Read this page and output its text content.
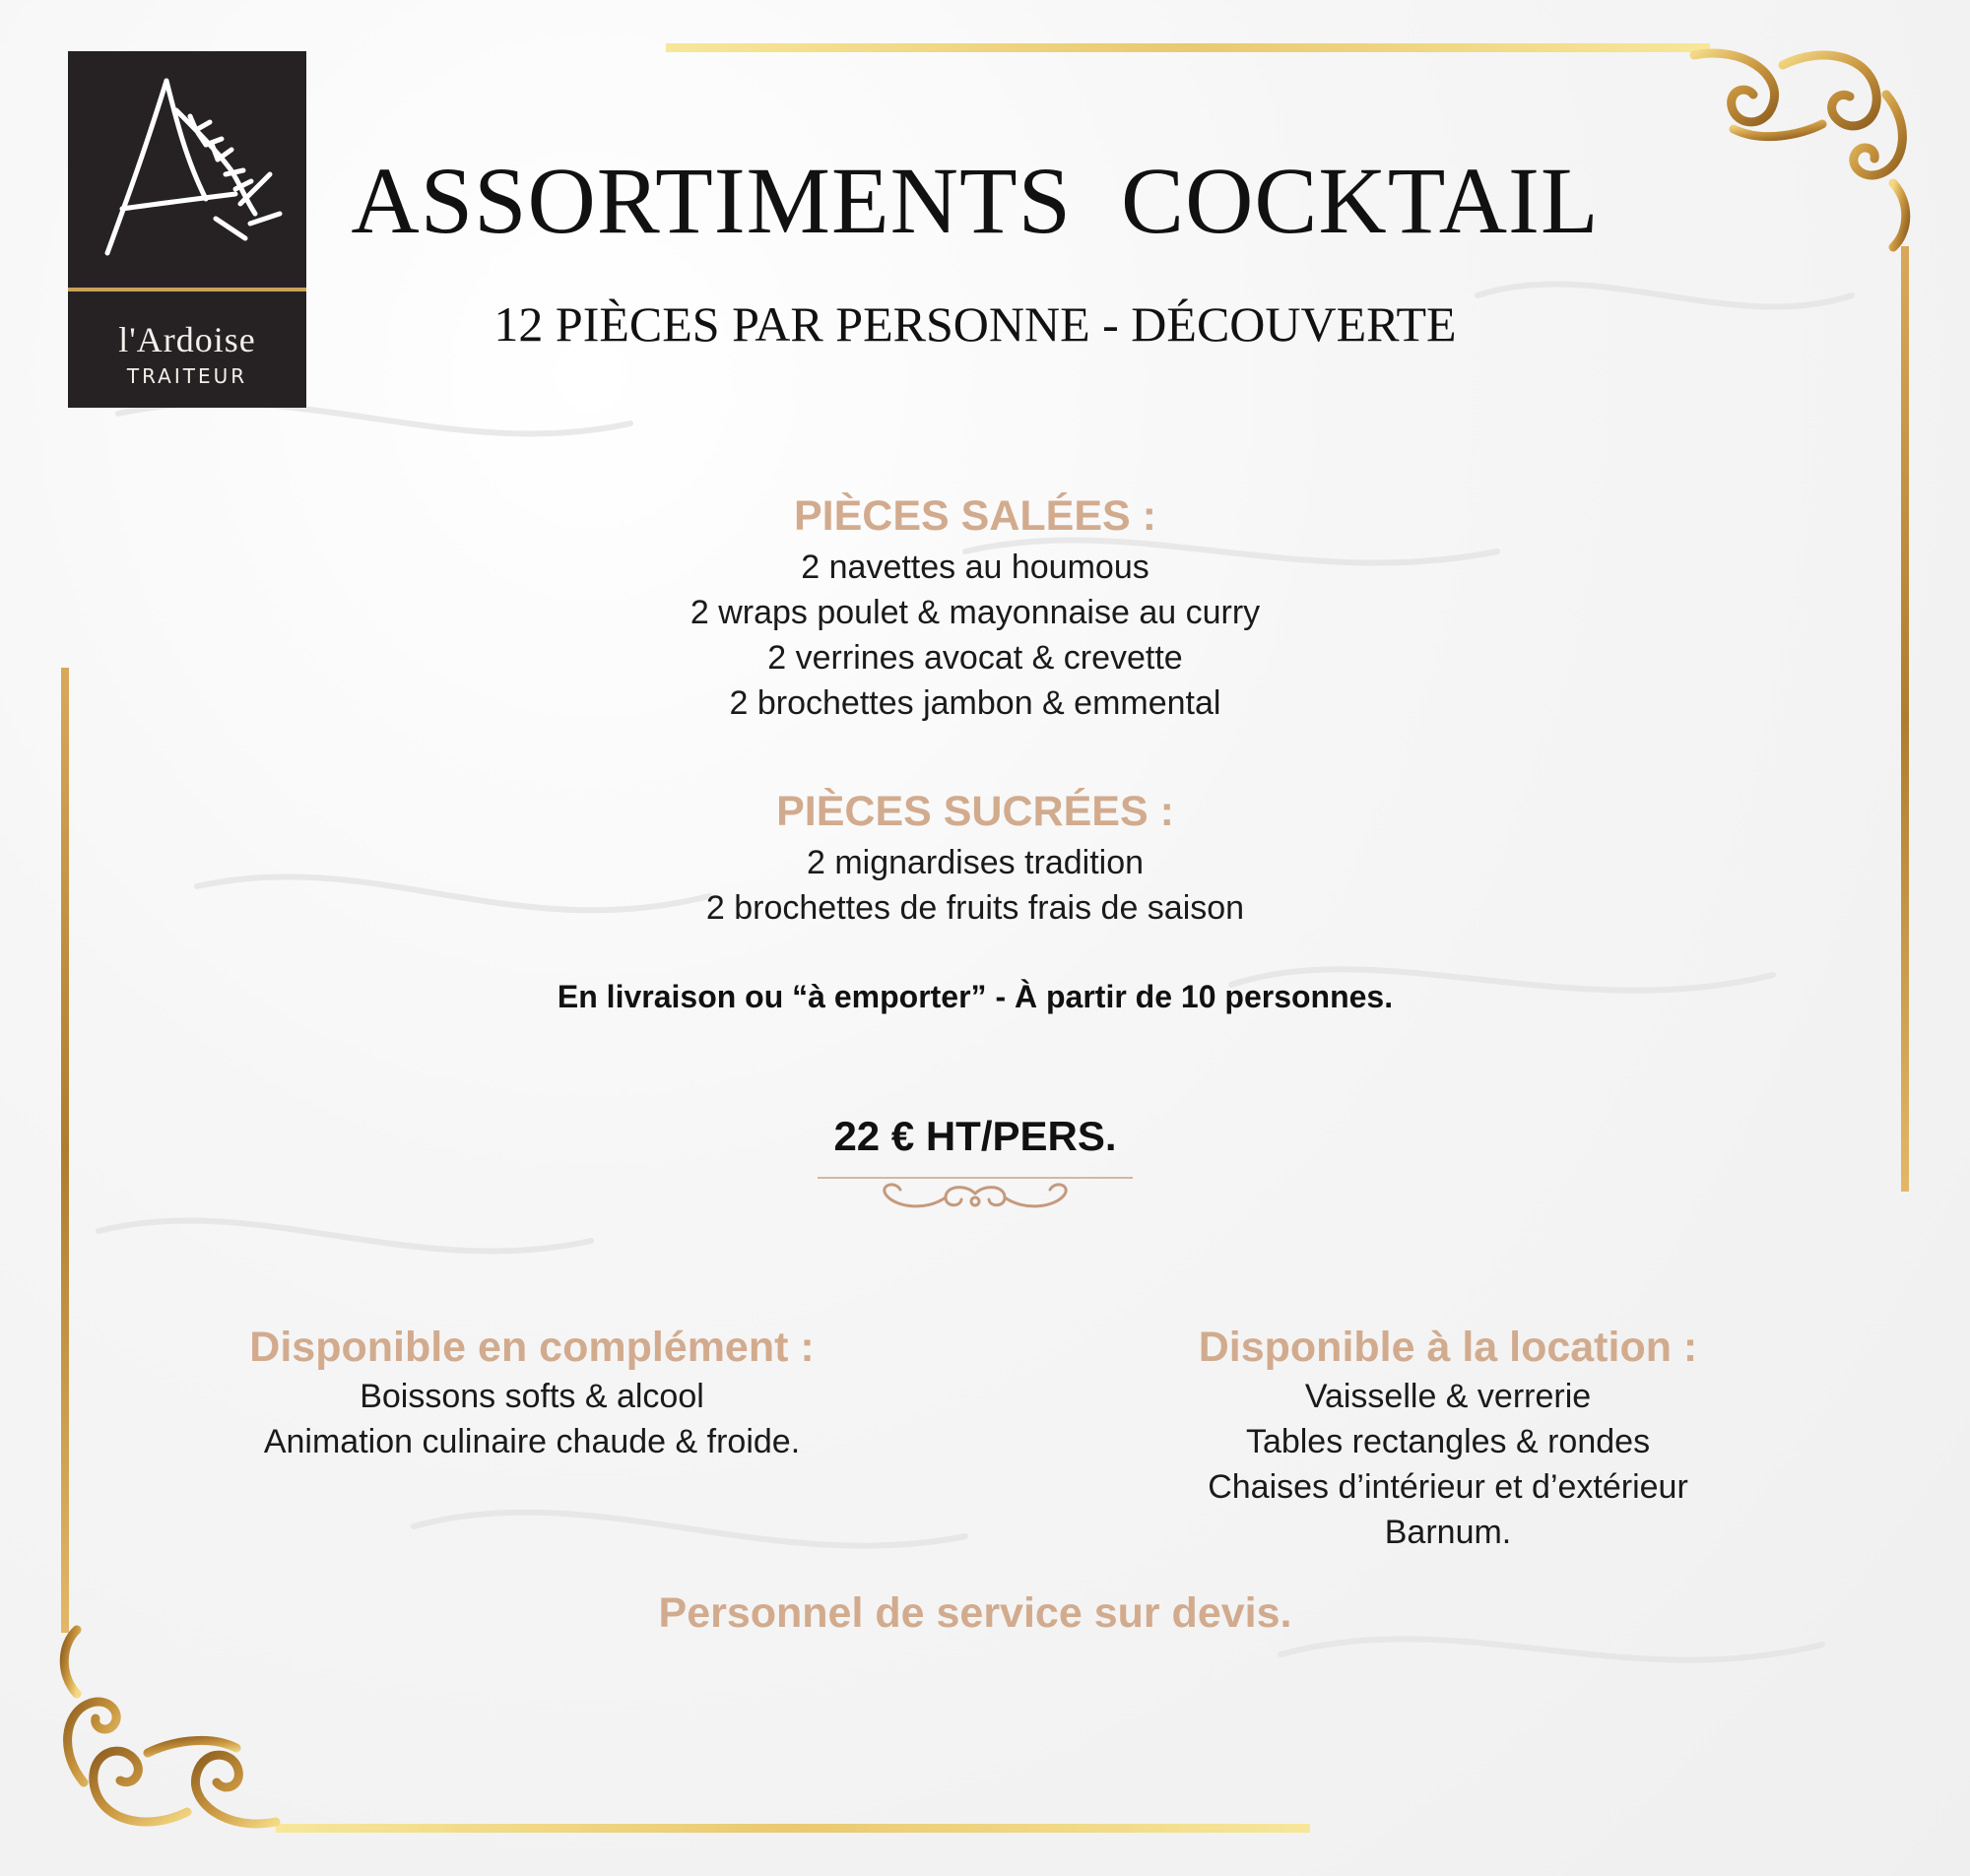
l'Ardoise
TRAITEUR
ASSORTIMENTS  COCKTAIL
12 PIÈCES PAR PERSONNE - DÉCOUVERTE
PIÈCES SALÉES :
2 navettes au houmous
2 wraps poulet & mayonnaise au curry
2 verrines avocat & crevette
2 brochettes jambon & emmental
PIÈCES SUCRÉES :
2 mignardises tradition
2 brochettes de fruits frais de saison
En livraison ou “à emporter” - À partir de 10 personnes.
22 € HT/PERS.
Disponible en complément :
Boissons softs & alcool
Animation culinaire chaude & froide.
Disponible à la location :
Vaisselle & verrerie
Tables rectangles & rondes
Chaises d’intérieur et d’extérieur
Barnum.
Personnel de service sur devis.
